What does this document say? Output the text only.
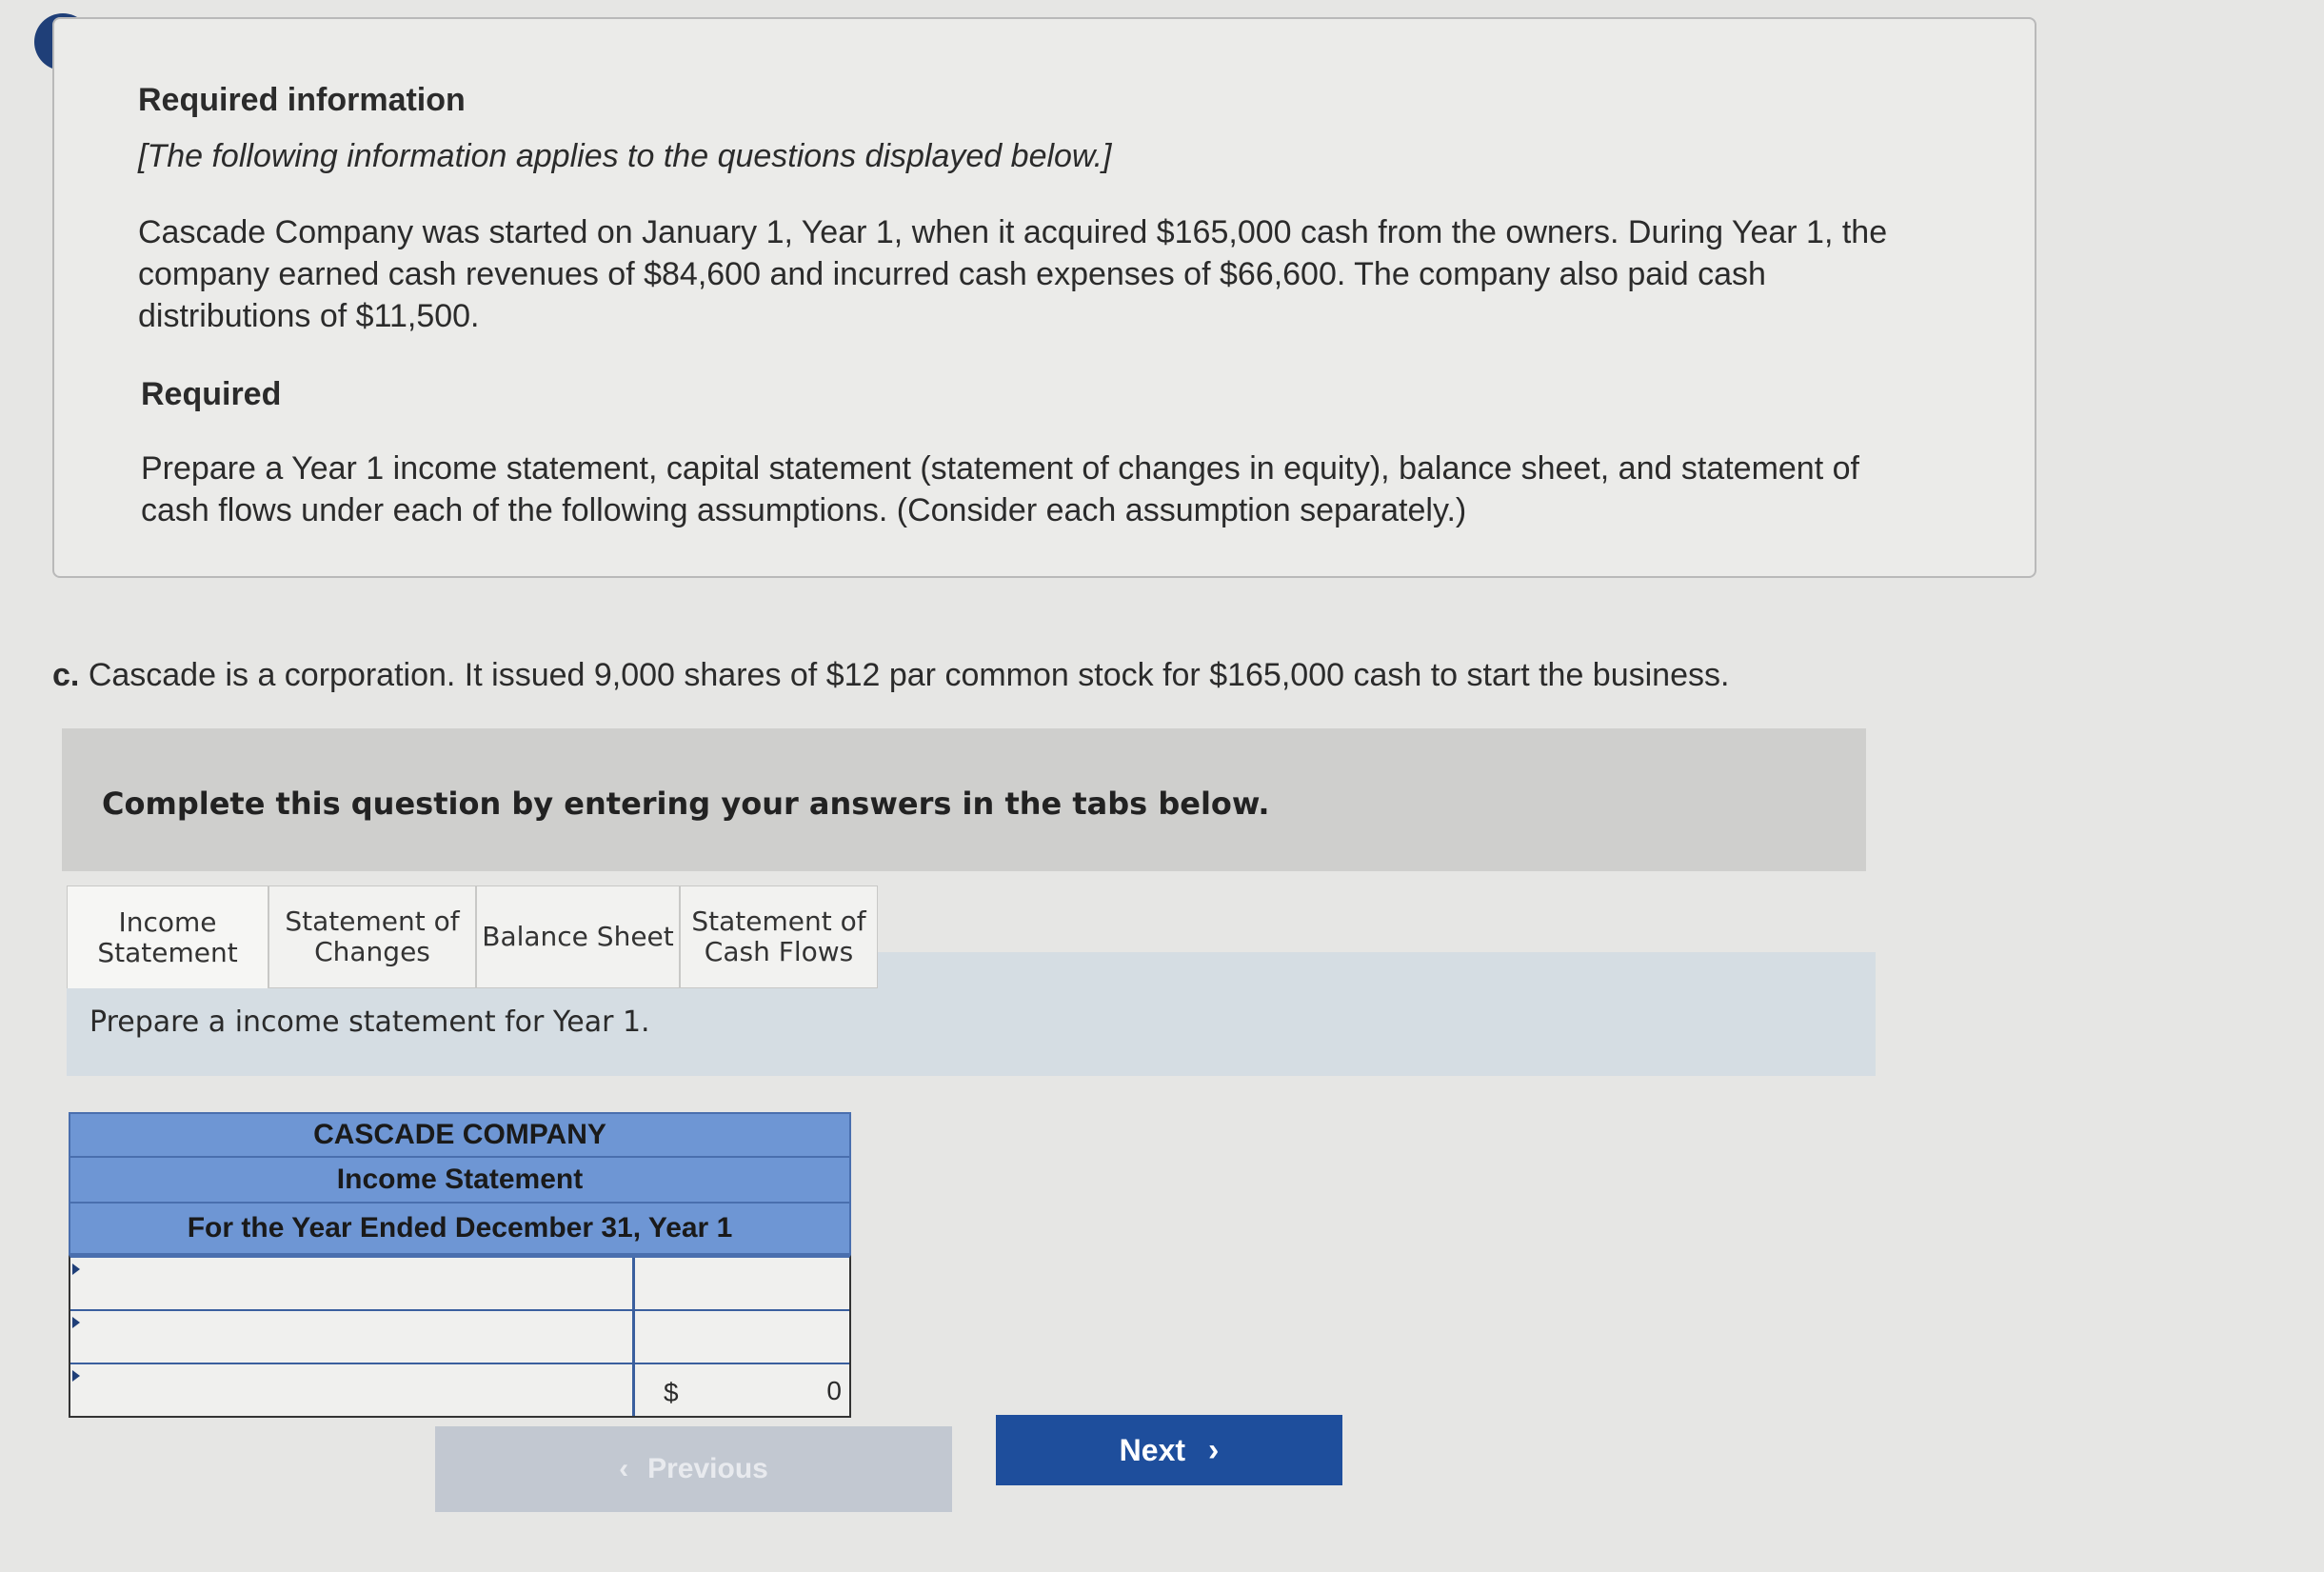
Required information
[The following information applies to the questions displayed below.]
Cascade Company was started on January 1, Year 1, when it acquired $165,000 cash from the owners. During Year 1, the company earned cash revenues of $84,600 and incurred cash expenses of $66,600. The company also paid cash distributions of $11,500.
Required
Prepare a Year 1 income statement, capital statement (statement of changes in equity), balance sheet, and statement of cash flows under each of the following assumptions. (Consider each assumption separately.)
c. Cascade is a corporation. It issued 9,000 shares of $12 par common stock for $165,000 cash to start the business.
Complete this question by entering your answers in the tabs below.
Prepare a income statement for Year 1.
Income
Statement
Statement of
Changes	Balance Sheet Statement of
Cash Flows
CASCADE COMPANY
Income Statement
For the Year Ended December 31, Year 1
$	0
‹ Previous
Next ›
